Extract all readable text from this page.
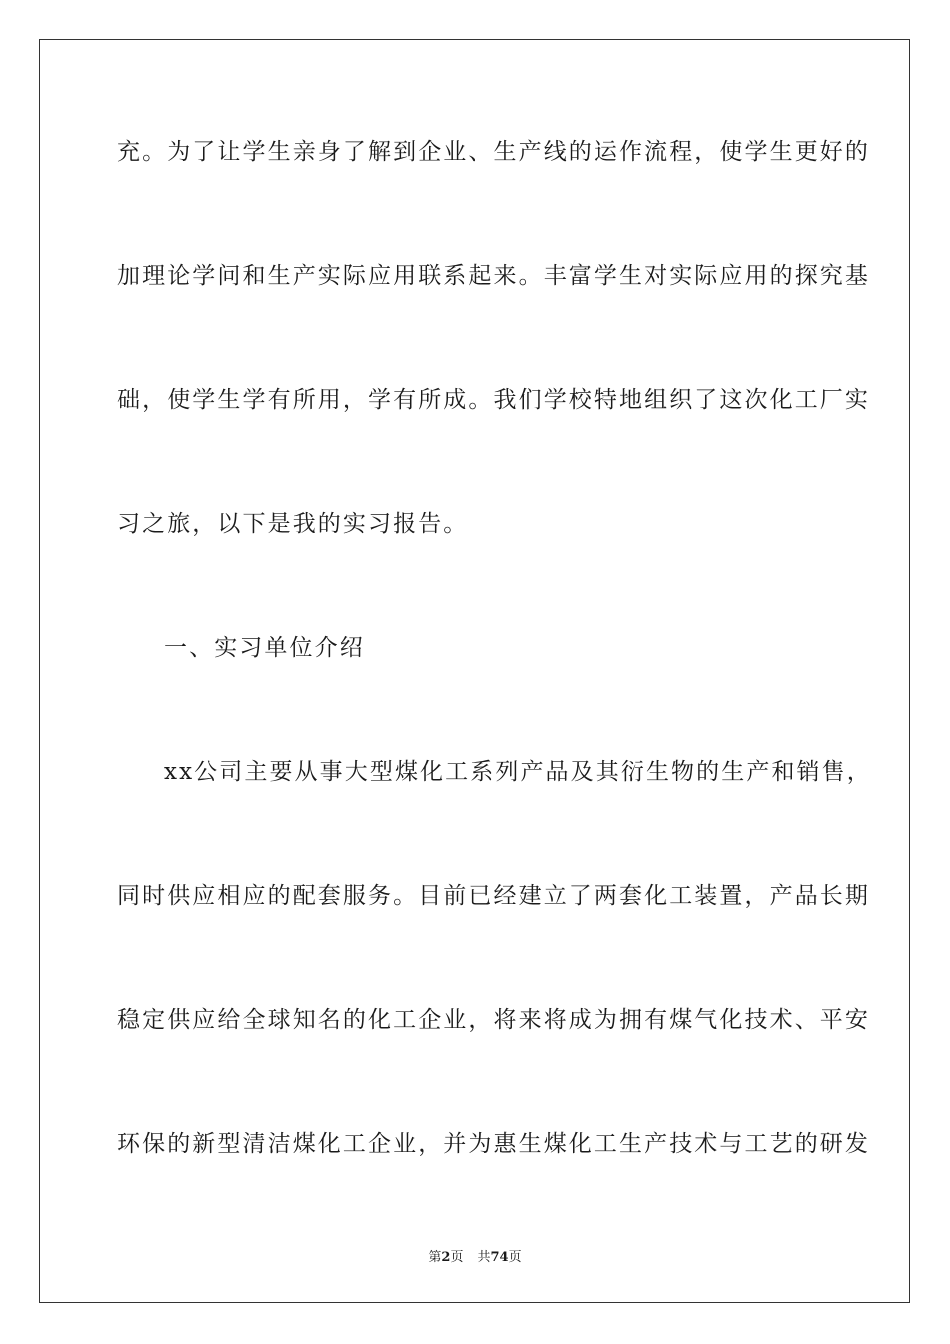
充。为了让学生亲身了解到企业、生产线的运作流程，使学生更好的

加理论学问和生产实际应用联系起来。丰富学生对实际应用的探究基

础，使学生学有所用，学有所成。我们学校特地组织了这次化工厂实

习之旅，以下是我的实习报告。

一、实习单位介绍

xx公司主要从事大型煤化工系列产品及其衍生物的生产和销售，

同时供应相应的配套服务。目前已经建立了两套化工装置，产品长期

稳定供应给全球知名的化工企业，将来将成为拥有煤气化技术、平安

环保的新型清洁煤化工企业，并为惠生煤化工生产技术与工艺的研发

第2页 共74页
